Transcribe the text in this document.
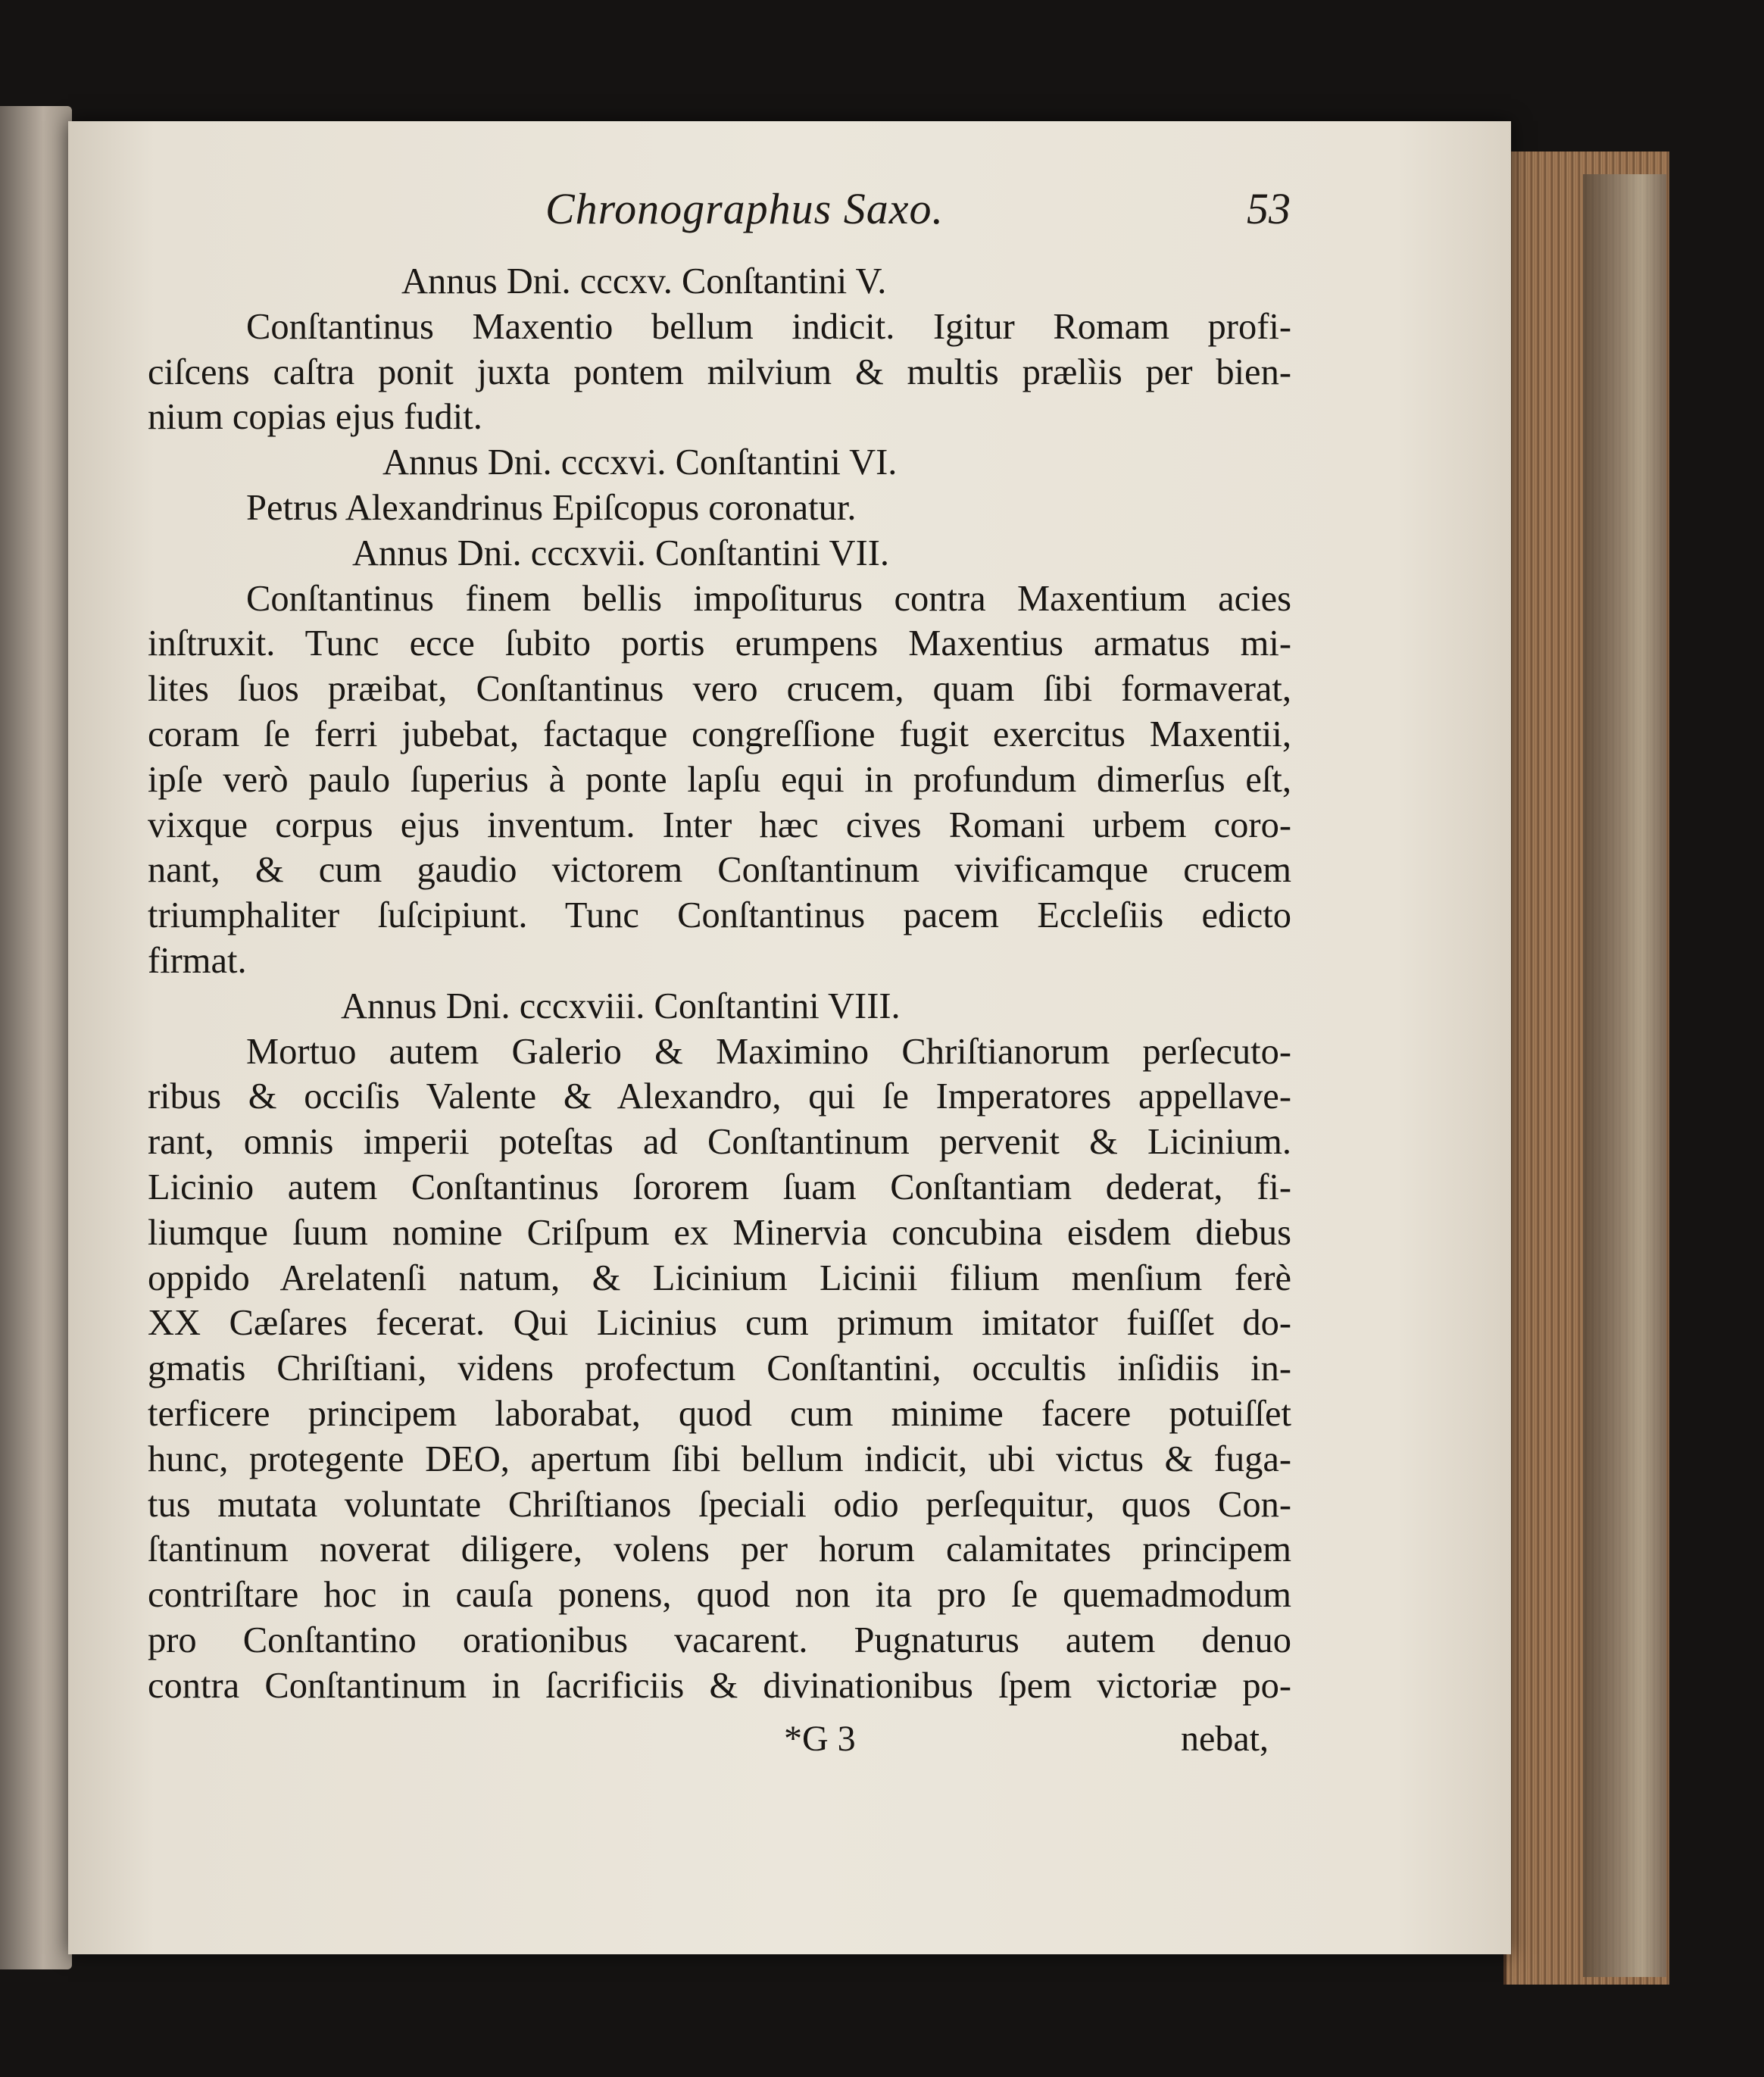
Chronographus Saxo.	53
Annus Dni. cccxv. Conſtantini V.
Conſtantinus Maxentio bellum indicit. Igitur Romam profi-
ciſcens caſtra ponit juxta pontem milvium & multis prælìis per bien-
nium copias ejus fudit.
Annus Dni. cccxvi. Conſtantini VI.
Petrus Alexandrinus Epiſcopus coronatur.
Annus Dni. cccxvii. Conſtantini VII.
Conſtantinus finem bellis impoſiturus contra Maxentium acies
inſtruxit. Tunc ecce ſubito portis erumpens Maxentius armatus mi-
lites ſuos præibat, Conſtantinus vero crucem, quam ſibi formaverat,
coram ſe ferri jubebat, factaque congreſſione fugit exercitus Maxentii,
ipſe verò paulo ſuperius à ponte lapſu equi in profundum dimerſus eſt,
vixque corpus ejus inventum. Inter hæc cives Romani urbem coro-
nant, & cum gaudio victorem Conſtantinum vivificamque crucem
triumphaliter ſuſcipiunt. Tunc Conſtantinus pacem Eccleſiis edicto
firmat.
Annus Dni. cccxviii. Conſtantini VIII.
Mortuo autem Galerio & Maximino Chriſtianorum perſecuto-
ribus & occiſis Valente & Alexandro, qui ſe Imperatores appellave-
rant, omnis imperii poteſtas ad Conſtantinum pervenit & Licinium.
Licinio autem Conſtantinus ſororem ſuam Conſtantiam dederat, fi-
liumque ſuum nomine Criſpum ex Minervia concubina eisdem diebus
oppido Arelatenſi natum, & Licinium Licinii filium menſium ferè
XX Cæſares fecerat. Qui Licinius cum primum imitator fuiſſet do-
gmatis Chriſtiani, videns profectum Conſtantini, occultis inſidiis in-
terficere principem laborabat, quod cum minime facere potuiſſet
hunc, protegente DEO, apertum ſibi bellum indicit, ubi victus & fuga-
tus mutata voluntate Chriſtianos ſpeciali odio perſequitur, quos Con-
ſtantinum noverat diligere, volens per horum calamitates principem
contriſtare hoc in cauſa ponens, quod non ita pro ſe quemadmodum
pro Conſtantino orationibus vacarent. Pugnaturus autem denuo
contra Conſtantinum in ſacrificiis & divinationibus ſpem victoriæ po-
*G 3	nebat,
